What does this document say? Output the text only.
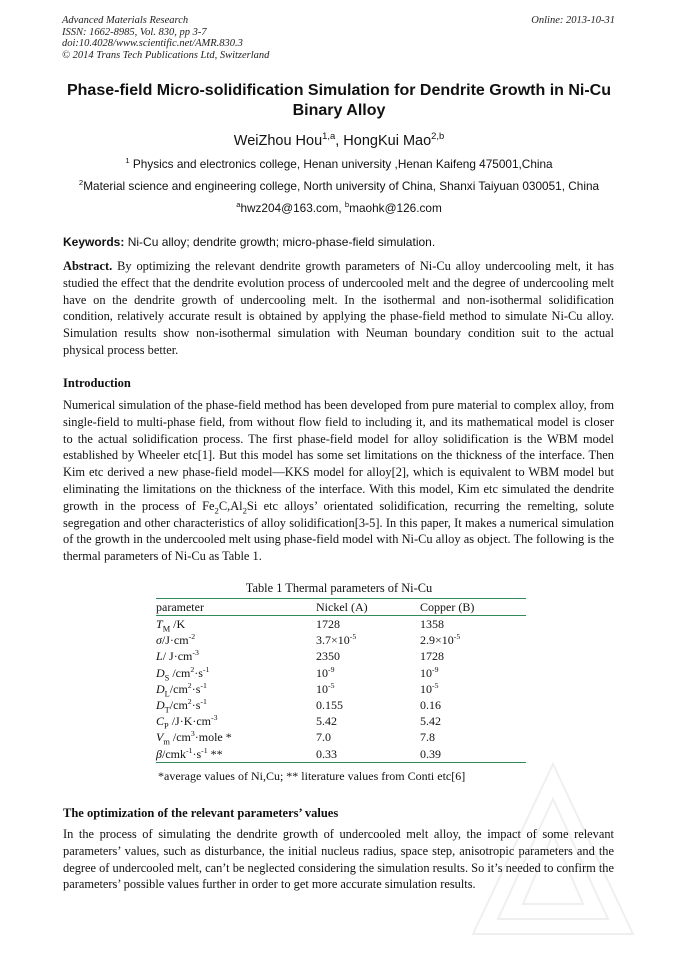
Advanced Materials Research
ISSN: 1662-8985, Vol. 830, pp 3-7
doi:10.4028/www.scientific.net/AMR.830.3
© 2014 Trans Tech Publications Ltd, Switzerland
Online: 2013-10-31
Phase-field Micro-solidification Simulation for Dendrite Growth in Ni-Cu Binary Alloy
WeiZhou Hou$^{1,a}$, HongKui Mao$^{2,b}$
$^1$ Physics and electronics college, Henan university ,Henan Kaifeng 475001,China
$^2$Material science and engineering college, North university of China, Shanxi Taiyuan 030051, China
$^a$hwz204@163.com, $^b$maohk@126.com
Keywords: Ni-Cu alloy; dendrite growth; micro-phase-field simulation.
Abstract. By optimizing the relevant dendrite growth parameters of Ni-Cu alloy undercooling melt, it has studied the effect that the dendrite evolution process of undercooled melt and the degree of undercooling melt have on the dendrite growth of undercooling melt. In the isothermal and non-isothermal solidification condition, relatively accurate result is obtained by applying the phase-field method to simulate Ni-Cu alloy. Simulation results show non-isothermal simulation with Neuman boundary condition suit to the actual physical process better.
Introduction
Numerical simulation of the phase-field method has been developed from pure material to complex alloy, from single-field to multi-phase field, from without flow field to including it, and its mathematical model is closer to the actual solidification process. The first phase-field model for alloy solidification is the WBM model established by Wheeler etc[1]. But this model has some set limitations on the thickness of the interface. Then Kim etc derived a new phase-field model—KKS model for alloy[2], which is equivalent to WBM model but eliminating the limitations on the thickness of the interface. With this model, Kim etc simulated the dendrite growth in the process of $Fe_2C,Al_2Si$ etc alloys’ orientated solidification, recurring the remelting, solute segregation and other characteristics of alloy solidification[3-5]. In this paper, It makes a numerical simulation of the growth in the undercooled melt using phase-field model with Ni-Cu alloy as object. The following is the thermal parameters of Ni-Cu as Table 1.
Table 1 Thermal parameters of Ni-Cu
parameter	Nickel (A)	Copper (B)
$T_M$ /K	1728	1358
$\sigma/J\cdot cm^{-2}$	$3.7\times 10^{-5}$	$2.9\times 10^{-5}$
L/ $J\cdot cm^{-3}$	2350	1728
$D_S$ $/cm^2\cdot s^{-1}$	$10^{-9}$	$10^{-9}$
$D_L/cm^2\cdot s^{-1}$	$10^{-5}$	$10^{-5}$
$D_T/cm^2\cdot s^{-1}$	0.155	0.16
$C_P$ $/J\cdot K\cdot cm^{-3}$	5.42	5.42
$V_m$ $/cm^3\cdot mole$ *	7.0	7.8
$\beta/cmk^{-1}\cdot s^{-1}$ **	0.33	0.39
*average values of Ni,Cu; ** literature values from Conti etc[6]
The optimization of the relevant parameters’ values
In the process of simulating the dendrite growth of undercooled melt alloy, the impact of some relevant parameters’ values, such as disturbance, the initial nucleus radius, space step, anisotropic parameters and the degree of undercooled melt, can’t be neglected considering the simulation results. So it’s needed to confirm the parameters’ possible values further in order to get more accurate simulation results.
